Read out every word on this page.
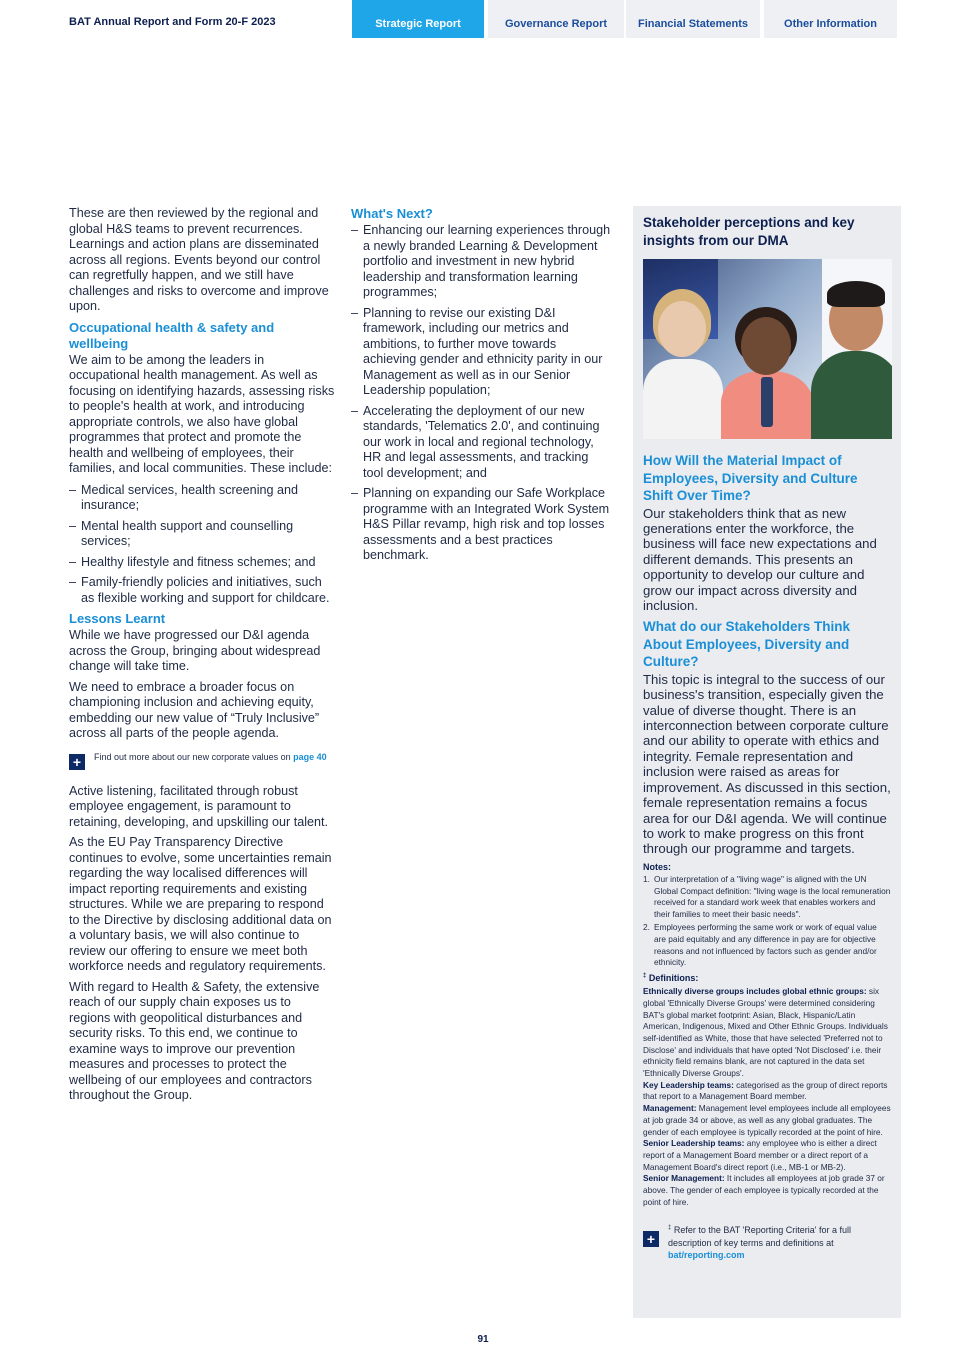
BAT Annual Report and Form 20-F 2023	Strategic Report	Governance Report	Financial Statements	Other Information

These are then reviewed by the regional and global H&S teams to prevent recurrences. Learnings and action plans are disseminated across all regions. Events beyond our control can regretfully happen, and we still have challenges and risks to overcome and improve upon.

Occupational health & safety and wellbeing

We aim to be among the leaders in occupational health management. As well as focusing on identifying hazards, assessing risks to people's health at work, and introducing appropriate controls, we also have global programmes that protect and promote the health and wellbeing of employees, their families, and local communities. These include:

– Medical services, health screening and insurance;
– Mental health support and counselling services;
– Healthy lifestyle and fitness schemes; and
– Family-friendly policies and initiatives, such as flexible working and support for childcare.
Lessons Learnt

While we have progressed our D&I agenda across the Group, bringing about widespread change will take time.

We need to embrace a broader focus on championing inclusion and achieving equity, embedding our new value of “Truly Inclusive” across all parts of the people agenda.

+	Find out more about our new corporate values on page 40

Active listening, facilitated through robust employee engagement, is paramount to retaining, developing, and upskilling our talent.

As the EU Pay Transparency Directive continues to evolve, some uncertainties remain regarding the way localised differences will impact reporting requirements and existing structures. While we are preparing to respond to the Directive by disclosing additional data on a voluntary basis, we will also continue to review our offering to ensure we meet both workforce needs and regulatory requirements.

With regard to Health & Safety, the extensive reach of our supply chain exposes us to regions with geopolitical disturbances and security risks. To this end, we continue to examine ways to improve our prevention measures and processes to protect the wellbeing of our employees and contractors throughout the Group.

What's Next?
– Enhancing our learning experiences through a newly branded Learning & Development portfolio and investment in new hybrid leadership and transformation learning programmes;
– Planning to revise our existing D&I framework, including our metrics and ambitions, to further move towards achieving gender and ethnicity parity in our Management as well as in our Senior Leadership population;
– Accelerating the deployment of our new standards, 'Telematics 2.0', and continuing our work in local and regional technology, HR and legal assessments, and tracking tool development; and
– Planning on expanding our Safe Workplace programme with an Integrated Work System H&S Pillar revamp, high risk and top losses assessments and a best practices benchmark.
Stakeholder perceptions and key insights from our DMA
How Will the Material Impact of Employees, Diversity and Culture Shift Over Time?
Our stakeholders think that as new generations enter the workforce, the business will face new expectations and different demands. This presents an opportunity to develop our culture and grow our impact across diversity and inclusion.
What do our Stakeholders Think About Employees, Diversity and Culture?
This topic is integral to the success of our business's transition, especially given the value of diverse thought. There is an interconnection between corporate culture and our ability to operate with ethics and integrity. Female representation and inclusion were raised as areas for improvement. As discussed in this section, female representation remains a focus area for our D&I agenda. We will continue to work to make progress on this front through our programme and targets.
Notes:
1. Our interpretation of a "living wage" is aligned with the UN Global Compact definition: "living wage is the local remuneration received for a standard work week that enables workers and their families to meet their basic needs".
2. Employees performing the same work or work of equal value are paid equitably and any difference in pay are for objective reasons and not influenced by factors such as gender and/or ethnicity.
‡ Definitions:
Ethnically diverse groups includes global ethnic groups: six global 'Ethnically Diverse Groups' were determined considering BAT's global market footprint: Asian, Black, Hispanic/Latin American, Indigenous, Mixed and Other Ethnic Groups. Individuals self-identified as White, those that have selected 'Preferred not to Disclose' and individuals that have opted 'Not Disclosed' i.e. their ethnicity field remains blank, are not captured in the data set 'Ethnically Diverse Groups'.
Key Leadership teams: categorised as the group of direct reports that report to a Management Board member.
Management: Management level employees include all employees at job grade 34 or above, as well as any global graduates. The gender of each employee is typically recorded at the point of hire.
Senior Leadership teams: any employee who is either a direct report of a Management Board member or a direct report of a Management Board's direct report (i.e., MB-1 or MB-2).
Senior Management: It includes all employees at job grade 37 or above. The gender of each employee is typically recorded at the point of hire.
+
‡ Refer to the BAT 'Reporting Criteria' for a full description of key terms and definitions at bat/reporting.com
91
